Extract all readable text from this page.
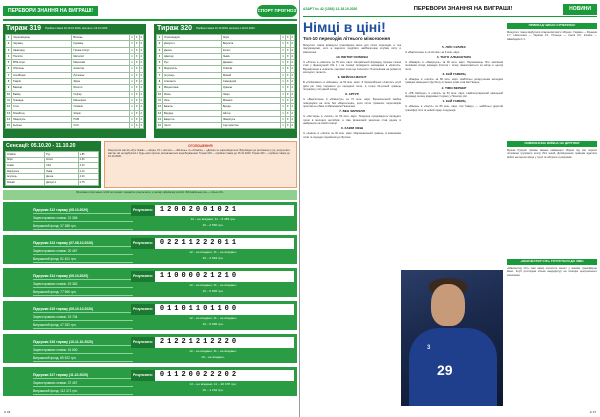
ПЕРЕВОРИ ЗНАННЯ НА ВИГРАШІ!	СПОРТ ПРОГНОЗ
Тираж 319 Прийом ставок 10-16.10.2020, виплата з 16.10.2020
1	Чорноморець	Волинь	1	X	2
2	Черкащ.	Кремінь	1	X	2
3	Авангард	Гірник-Спорт	1	X	2
4	Полісся	Металіст	1	X	2
5	ВПК-Агро	Миколаїв	1	X	2
6	Оболонь	Ахметов	1	X	2
7	Алк-Веркс	Луганськ	1	X	2
8	Таврія	Зірка	1	X	2
9	Бавлар	Ягелло	1	X	2
10	Байєр	Гоф'єр	1	X	2
11	Гранада	Мальорка	1	X	2
12	Сток	Олімпік	1	X	2
13	Юнайтед	Жорж	1	X	2
14	Ліверпуль	ПСВ	1	X	2
15	Кьольн	ССС	1	X	2
Тираж 320 Прийом ставок 16.10.2020, виплата з 19.10.2020
1	Олександрія	Зоря	1	X	2
2	Дніпро-1	Ворскла	1	X	2
3	Десна	Колос	1	X	2
4	Шахтар	Львів	1	X	2
5	Рух	Динамо	1	X	2
6	Маріуполь	Олімпік	1	X	2
7	Інгулець	Минай	1	X	2
8	Аталанта	Сампдорія	1	X	2
9	Фіорентина	Удінезе	1	X	2
10	Рома	Лаціо	1	X	2
11	Ліон	Монако	1	X	2
12	Базель	Бреда	1	X	2
13	Вердер	Айнтр.	1	X	2
14	Евертон	Ліверпуль	1	X	2
15	Челсі	Саутгемптон	1	X	2
Сенсації: 05.10.20 - 11.10.20
Олімпік	Рух	1.85
Зоря	Колос	2.60
Ахмат	СКА	3.10
Маріуполь	Львів	2.10
Інгулець	Десна	4.20
Минай	Дніпро-1	2.75
ОГОЛОШЕННЯ!

Результати матчів «Рух Львів» – «Зоря» 0:1 і «Колос» – «Волинь» та «Олімпік» – «Дніпро-1» зараховуються. Відповідно до регламенту гри, результати матчів, які не відбулися з будь-яких причин, визначаються жеребкуванням. Тираж 319 — прийом ставок до 16.10.2020. Тираж 320 — прийом ставок до 16.10.2020.

Програма спортивних подій на тиражі: перевірте результати у своєму офіційному розділі. Відповідальна гра — тільки 18+.
Підсумки 312 тиражу (05.10.2020)
Зареєстровано ставок: 21 366
Виграшний фонд: 37 388 грн.
Результати:	12002001021
12 – не вгадано; 11 – 8 459 грн.
10 – 2 560 грн.
Підсумки 313 тиражу (07-08.10.2020)
Зареєстровано ставок: 20 467
Виграшний фонд: 51 401 грн.
Результати:	02211222011
12 – не вгадано; 11 – не вгадано;
10 – 2 694 грн.
Підсумки 314 тиражу (09.10.2020)
Зареєстровано ставок: 19 362
Виграшний фонд: 77 906 грн.
Результати:	11000021210
12 – не вгадано; 11 – не вгадано;
10 – 5 806 грн.
Підсумки 315 тиражу (09-10.10.2020)
Зареєстровано ставок: 15 744
Виграшний фонд: 47 252 грн.
Результати:	01101101100
12 – не вгадано; 11 – не вгадано;
10 – 6 696 грн.
Підсумки 316 тиражу (10-11.10.2020)
Зареєстровано ставок: 16 600
Виграшний фонд: 89 622 грн.
Результати:	21221212220
12 – не вгадано; 11 – не вгадано;
10 – не вгадано.
Підсумки 317 тиражу (11.10.2020)
Зареєстровано ставок: 37 457
Виграшний фонд: 112 371 грн.
Результати:	01120022202
12 – не вгадано; 11 – 22 478 грн;
10 – 1 162 грн.
А 16
АЗАРТ № 42 (1393) 12-18.10.2020	ПЕРЕВОРИ ЗНАННЯ НА ВИГРАШІ!	НОВИНИ
Німці в ціні!
Топ-10 переходів літнього міжсезоння

Минулого тижня вимкнули трансферне вікно для літніх переходів, а тож підсумовуємо, кого ж вдалося придбати найбагатшим клубам світу в міжсезонні.

10. ВІКТОР ОСІМХЕН

Із «Лілля» в «Наполі» за 75 млн. євро. Нігерійський форвард торішнє сезоні став у французькій Лізі 1 і на позиції провідного нападника в «Наполі». Відновлення в «Наполі» чергової поки що сплатили 70 мільйонів на розвиток молодого таланта.

9. МЕЙСОН МАУНТ

В «Олімпіакос» в «Монако» за 50 млн. євро. З бразилійської «Сантос» клуб двічі рік тому перевели до середини поля, а тепер 24-річний гравець потрапив у потужний склад.

8. АРТУР

Із «Барселони» в «Ювентус» за 72 млн. євро. Бразильський хавбек повернувся на поле без «Барселони», коли після тривалих переговорів пристав на обмін із Міраламом Пьяничем.

7. БЕН ЧИЛУЕЛЛ

Із «Лестера» в «Челсі» за 50 млн. євро. Лондонці продовжують вкладати гроші в молодих англійців, а ліве фланговий захисник став одним із найкращих на своїй позиції.

6. ХАКІМ ЗІЄШ

Із «Аякса» в «Челсі» за 40 млн. євро. Марокканський гравець із ковзанням голів та передач перейшов до Фулгем.

5. ЛУЇС СУАРЕС

Із «Барселони» в «Атлетіко» за 6 млн. євро.

4. ТІАГО АЛЬКАНТАРА

Із «Баварії» в «Ліверпуль» за 30 млн. євро. Переможець Ліги чемпіонів поповнив склад команди Клоппа і тепер змагатиметься за місце в центрі поля.

3. КАЙ ГАВЕРЦ

Із «Баєра» в «Челсі» за 80 млн. євро. Найбільш розкрученим молодим гравцем німецького футболу останніх років став Каї Гаверц.

2. ТІМО ВЕРНЕР

Із «РБ Лейпциг» в «Челсі» за 53 млн. євро. Найпопулярніший німецький форвард сезону відкриває сторінку у Прем'єр-лізі.

1. КАЙ ГАВЕРЦ

Із «Баєра» в «Челсі» за 80 млн. євро. Каї Гаверц — найбільш дорогий трансфер літа та новий лідер лондонців.

3
29
ПРИКЛАД ЧИХАЄ СУПЕРКЛАС

Минулого тижня відбулися спарингові матчі збірних. Україна — Франція 1:7, Німеччина — Україна 2:1. Польща — Італія 0:0, Іспанія — Швейцарія 1:1.

СИМФОНІЧНА ВИЇЗНА НА ДРУГОМУ

Мреже Румунії тримає звання найкращої збірної під час першої половини групового етапу Ліги націй. Досвідченим гравцям вдалося вийти на перше місце у групі та обіграти суперників.

«МАНЧЕСТЕР СІТІ» ГОТУЄТЬСЯ ДО ЗМІН

«Манчестер Сіті» має намір посилити захист у зимове трансферне вікно. Клуб розглядає кілька кандидатур на позицію центрального захисника.

А 17
